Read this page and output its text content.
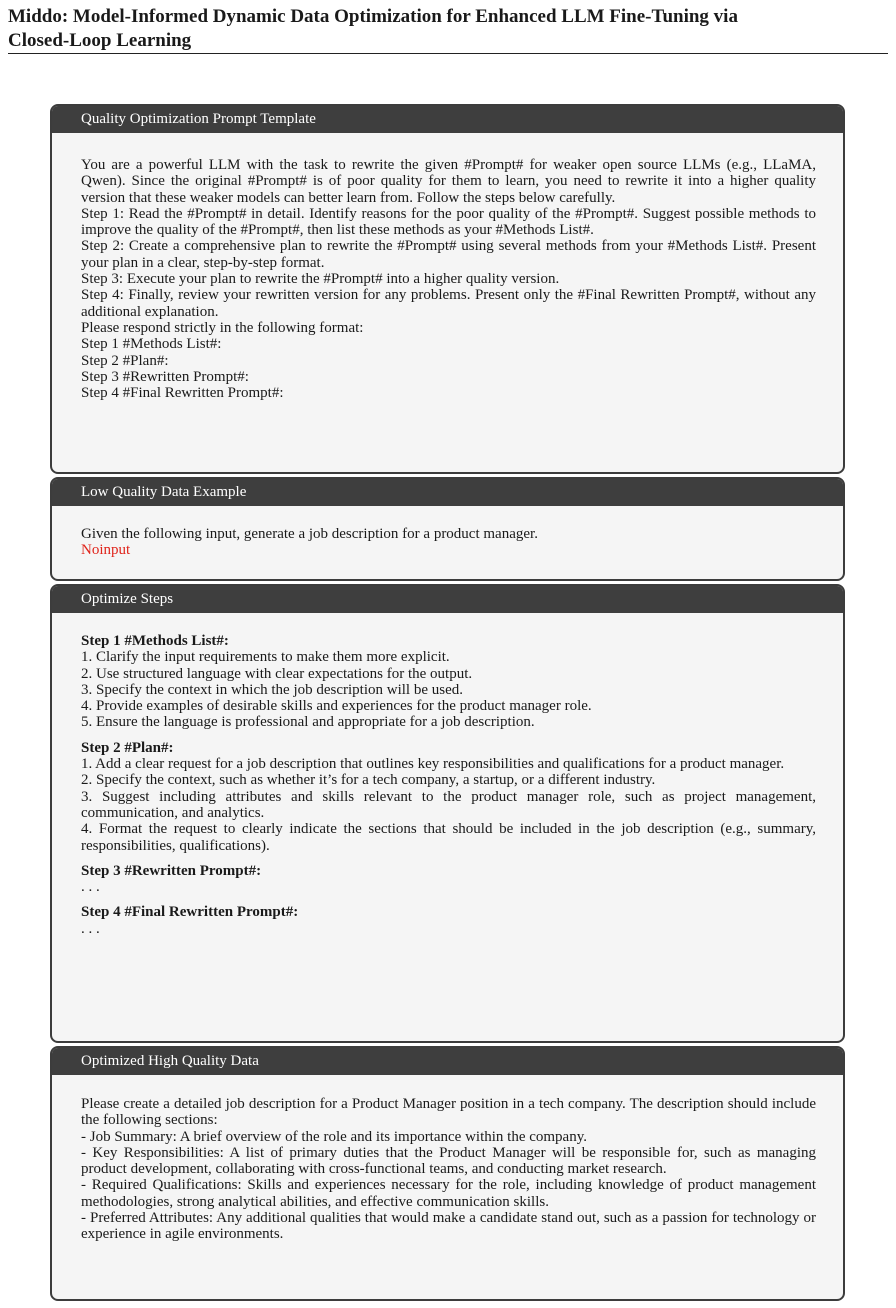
Middo: Model-Informed Dynamic Data Optimization for Enhanced LLM Fine-Tuning via
Closed-Loop Learning
Quality Optimization Prompt Template
You are a powerful LLM with the task to rewrite the given #Prompt# for weaker open source LLMs (e.g., LLaMA, Qwen). Since the original #Prompt# is of poor quality for them to learn, you need to rewrite it into a higher quality version that these weaker models can better learn from. Follow the steps below carefully.
Step 1: Read the #Prompt# in detail. Identify reasons for the poor quality of the #Prompt#. Suggest possible methods to improve the quality of the #Prompt#, then list these methods as your #Methods List#.
Step 2: Create a comprehensive plan to rewrite the #Prompt# using several methods from your #Methods List#. Present your plan in a clear, step-by-step format.
Step 3: Execute your plan to rewrite the #Prompt# into a higher quality version.
Step 4: Finally, review your rewritten version for any problems. Present only the #Final Rewritten Prompt#, without any additional explanation.
Please respond strictly in the following format:
Step 1 #Methods List#:
Step 2 #Plan#:
Step 3 #Rewritten Prompt#:
Step 4 #Final Rewritten Prompt#:
Low Quality Data Example
Given the following input, generate a job description for a product manager.
Noinput
Optimize Steps
Step 1 #Methods List#:
1. Clarify the input requirements to make them more explicit.
2. Use structured language with clear expectations for the output.
3. Specify the context in which the job description will be used.
4. Provide examples of desirable skills and experiences for the product manager role.
5. Ensure the language is professional and appropriate for a job description.
Step 2 #Plan#:
1. Add a clear request for a job description that outlines key responsibilities and qualifications for a product manager.
2. Specify the context, such as whether it’s for a tech company, a startup, or a different industry.
3. Suggest including attributes and skills relevant to the product manager role, such as project management, communication, and analytics.
4. Format the request to clearly indicate the sections that should be included in the job description (e.g., summary, responsibilities, qualifications).
Step 3 #Rewritten Prompt#:
. . .
Step 4 #Final Rewritten Prompt#:
. . .
Optimized High Quality Data
Please create a detailed job description for a Product Manager position in a tech company. The description should include the following sections:
- Job Summary: A brief overview of the role and its importance within the company.
- Key Responsibilities: A list of primary duties that the Product Manager will be responsible for, such as managing product development, collaborating with cross-functional teams, and conducting market research.
- Required Qualifications: Skills and experiences necessary for the role, including knowledge of product management methodologies, strong analytical abilities, and effective communication skills.
- Preferred Attributes: Any additional qualities that would make a candidate stand out, such as a passion for technology or experience in agile environments.
